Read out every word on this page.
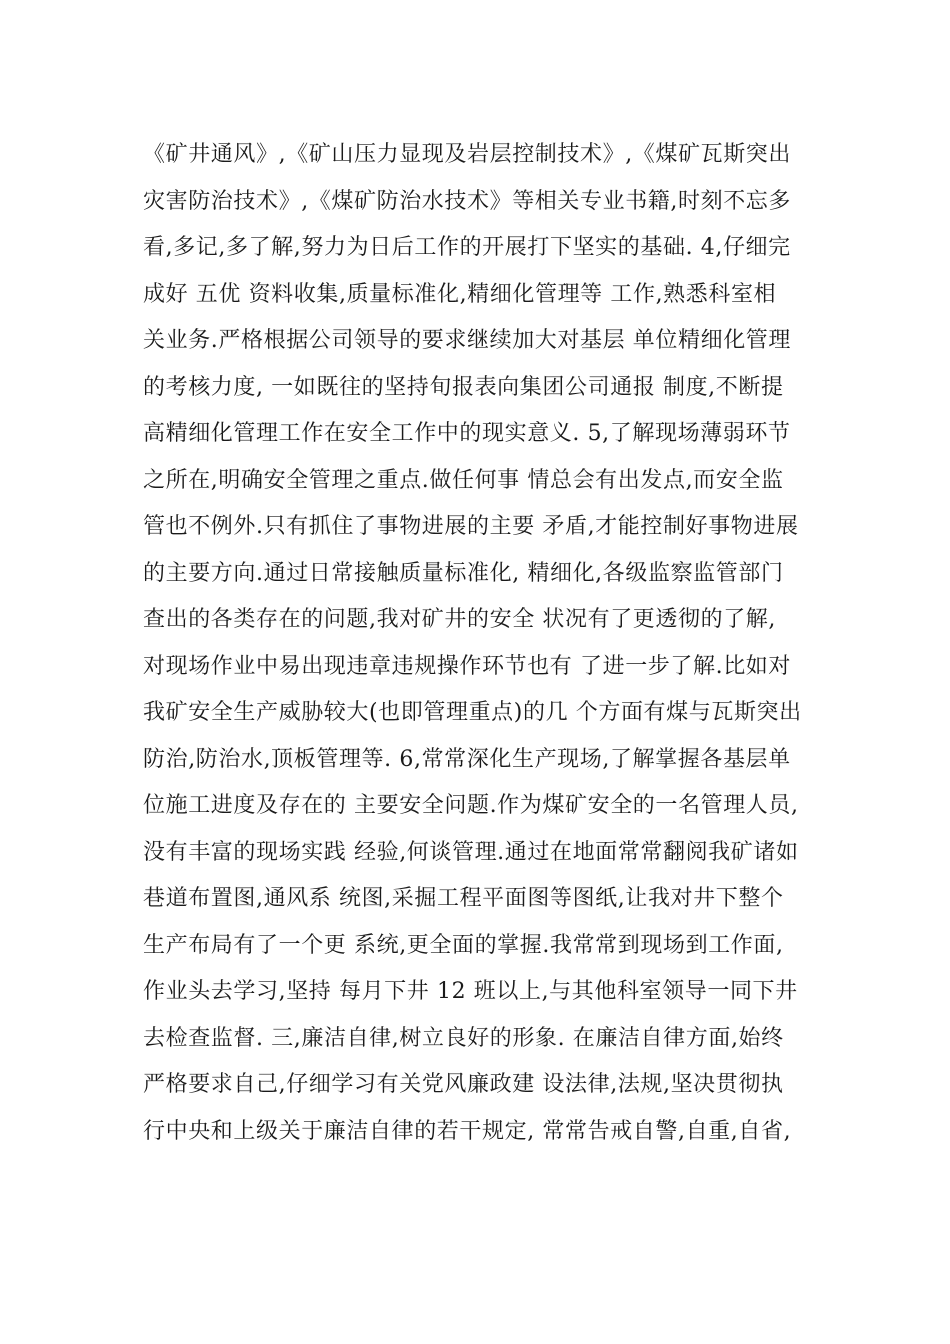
《矿井通风》,《矿山压力显现及岩层控制技术》,《煤矿瓦斯突出
灾害防治技术》,《煤矿防治水技术》等相关专业书籍,时刻不忘多
看,多记,多了解,努力为日后工作的开展打下坚实的基础. 4,仔细完
成好 五优 资料收集,质量标准化,精细化管理等 工作,熟悉科室相
关业务.严格根据公司领导的要求继续加大对基层 单位精细化管理
的考核力度, 一如既往的坚持旬报表向集团公司通报 制度,不断提
高精细化管理工作在安全工作中的现实意义. 5,了解现场薄弱环节
之所在,明确安全管理之重点.做任何事 情总会有出发点,而安全监
管也不例外.只有抓住了事物进展的主要 矛盾,才能控制好事物进展
的主要方向.通过日常接触质量标准化, 精细化,各级监察监管部门
查出的各类存在的问题,我对矿井的安全 状况有了更透彻的了解,
对现场作业中易出现违章违规操作环节也有 了进一步了解.比如对
我矿安全生产威胁较大(也即管理重点)的几 个方面有煤与瓦斯突出
防治,防治水,顶板管理等. 6,常常深化生产现场,了解掌握各基层单
位施工进度及存在的 主要安全问题.作为煤矿安全的一名管理人员,
没有丰富的现场实践 经验,何谈管理.通过在地面常常翻阅我矿诸如
巷道布置图,通风系 统图,采掘工程平面图等图纸,让我对井下整个
生产布局有了一个更 系统,更全面的掌握.我常常到现场到工作面,
作业头去学习,坚持 每月下井 12 班以上,与其他科室领导一同下井
去检查监督. 三,廉洁自律,树立良好的形象. 在廉洁自律方面,始终
严格要求自己,仔细学习有关党风廉政建 设法律,法规,坚决贯彻执
行中央和上级关于廉洁自律的若干规定, 常常告戒自警,自重,自省,
